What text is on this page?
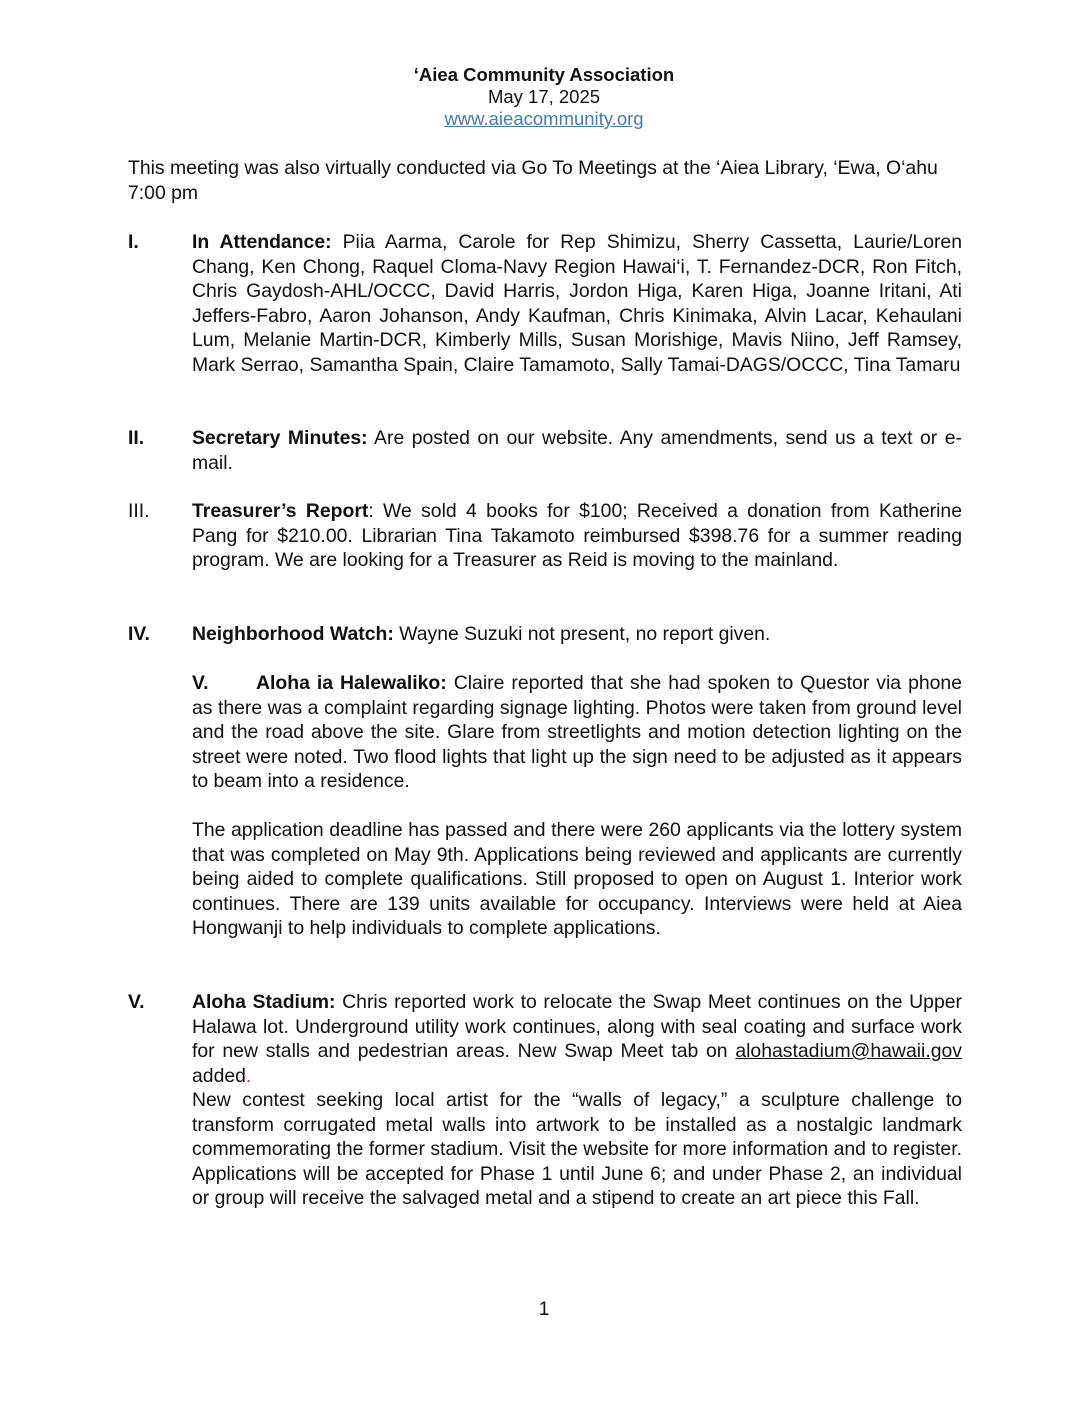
‘Aiea Community Association
May 17, 2025
www.aieacommunity.org
This meeting was also virtually conducted via Go To Meetings at the ‘Aiea Library, ‘Ewa, O‘ahu 7:00 pm
I.	In Attendance: Piia Aarma, Carole for Rep Shimizu, Sherry Cassetta, Laurie/Loren Chang, Ken Chong, Raquel Cloma-Navy Region Hawai‘i, T. Fernandez-DCR, Ron Fitch, Chris Gaydosh-AHL/OCCC, David Harris, Jordon Higa, Karen Higa, Joanne Iritani, Ati Jeffers-Fabro, Aaron Johanson, Andy Kaufman, Chris Kinimaka, Alvin Lacar, Kehaulani Lum, Melanie Martin-DCR, Kimberly Mills, Susan Morishige, Mavis Niino, Jeff Ramsey, Mark Serrao, Samantha Spain, Claire Tamamoto, Sally Tamai-DAGS/OCCC, Tina Tamaru

II.	Secretary Minutes: Are posted on our website. Any amendments, send us a text or e-mail.

III.	Treasurer’s Report: We sold 4 books for $100; Received a donation from Katherine Pang for $210.00. Librarian Tina Takamoto reimbursed $398.76 for a summer reading program. We are looking for a Treasurer as Reid is moving to the mainland.

IV.	Neighborhood Watch: Wayne Suzuki not present, no report given.

V. Aloha ia Halewaliko: Claire reported that she had spoken to Questor via phone as there was a complaint regarding signage lighting. Photos were taken from ground level and the road above the site. Glare from streetlights and motion detection lighting on the street were noted. Two flood lights that light up the sign need to be adjusted as it appears to beam into a residence.

The application deadline has passed and there were 260 applicants via the lottery system that was completed on May 9th. Applications being reviewed and applicants are currently being aided to complete qualifications. Still proposed to open on August 1. Interior work continues. There are 139 units available for occupancy. Interviews were held at Aiea Hongwanji to help individuals to complete applications.

V.	Aloha Stadium: Chris reported work to relocate the Swap Meet continues on the Upper Halawa lot. Underground utility work continues, along with seal coating and surface work for new stalls and pedestrian areas. New Swap Meet tab on alohastadium@hawaii.gov added.

New contest seeking local artist for the “walls of legacy,” a sculpture challenge to transform corrugated metal walls into artwork to be installed as a nostalgic landmark commemorating the former stadium. Visit the website for more information and to register. Applications will be accepted for Phase 1 until June 6; and under Phase 2, an individual or group will receive the salvaged metal and a stipend to create an art piece this Fall.

1
